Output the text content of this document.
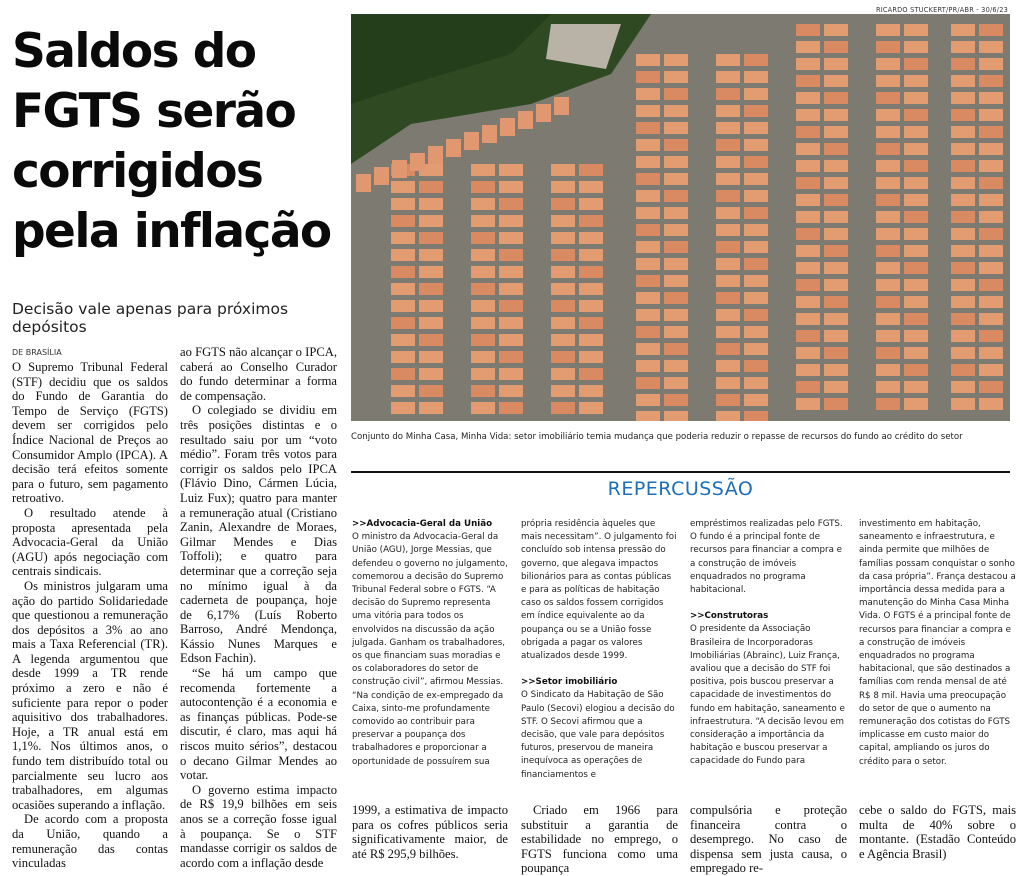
Saldos do FGTS serão corrigidos pela inflação

Decisão vale apenas para próximos depósitos

DE BRASÍLIA

O Supremo Tribunal Federal (STF) decidiu que os saldos do Fundo de Garantia do Tempo de Serviço (FGTS) devem ser corrigidos pelo Índice Nacional de Preços ao Consumidor Amplo (IPCA). A decisão terá efeitos somente para o futuro, sem pagamento retroativo.

O resultado atende à proposta apresentada pela Advocacia-Geral da União (AGU) após negociação com centrais sindicais.

Os ministros julgaram uma ação do partido Solidariedade que questionou a remuneração dos depósitos a 3% ao ano mais a Taxa Referencial (TR). A legenda argumentou que desde 1999 a TR rende próximo a zero e não é suficiente para repor o poder aquisitivo dos trabalhadores. Hoje, a TR anual está em 1,1%. Nos últimos anos, o fundo tem distribuído total ou parcialmente seu lucro aos trabalhadores, em algumas ocasiões superando a inflação.

De acordo com a proposta da União, quando a remuneração das contas vinculadas

ao FGTS não alcançar o IPCA, caberá ao Conselho Curador do fundo determinar a forma de compensação.

O colegiado se dividiu em três posições distintas e o resultado saiu por um “voto médio”. Foram três votos para corrigir os saldos pelo IPCA (Flávio Dino, Cármen Lúcia, Luiz Fux); quatro para manter a remuneração atual (Cristiano Zanin, Alexandre de Moraes, Gilmar Mendes e Dias Toffoli); e quatro para determinar que a correção seja no mínimo igual à da caderneta de poupança, hoje de 6,17% (Luís Roberto Barroso, André Mendonça, Kássio Nunes Marques e Edson Fachin).

“Se há um campo que recomenda fortemente a autocontenção é a economia e as finanças públicas. Pode-se discutir, é claro, mas aqui há riscos muito sérios”, destacou o decano Gilmar Mendes ao votar.

O governo estima impacto de R$ 19,9 bilhões em seis anos se a correção fosse igual à poupança. Se o STF mandasse corrigir os saldos de acordo com a inflação desde

RICARDO STUCKERT/PR/ABR - 30/6/23
Conjunto do Minha Casa, Minha Vida: setor imobiliário temia mudança que poderia reduzir o repasse de recursos do fundo ao crédito do setor
REPERCUSSÃO

>>Advocacia-Geral da União

O ministro da Advocacia-Geral da União (AGU), Jorge Messias, que defendeu o governo no julgamento, comemorou a decisão do Supremo Tribunal Federal sobre o FGTS. “A decisão do Supremo representa uma vitória para todos os envolvidos na discussão da ação julgada. Ganham os trabalhadores, os que financiam suas moradias e os colaboradores do setor de construção civil”, afirmou Messias. “Na condição de ex-empregado da Caixa, sinto-me profundamente comovido ao contribuir para preservar a poupança dos trabalhadores e proporcionar a oportunidade de possuírem sua

própria residência àqueles que mais necessitam”. O julgamento foi concluído sob intensa pressão do governo, que alegava impactos bilionários para as contas públicas e para as políticas de habitação caso os saldos fossem corrigidos em índice equivalente ao da poupança ou se a União fosse obrigada a pagar os valores atualizados desde 1999.

>>Setor imobiliário

O Sindicato da Habitação de São Paulo (Secovi) elogiou a decisão do STF. O Secovi afirmou que a decisão, que vale para depósitos futuros, preservou de maneira inequívoca as operações de financiamentos e

empréstimos realizadas pelo FGTS. O fundo é a principal fonte de recursos para financiar a compra e a construção de imóveis enquadrados no programa habitacional.

>>Construtoras

O presidente da Associação Brasileira de Incorporadoras Imobiliárias (Abrainc), Luiz França, avaliou que a decisão do STF foi positiva, pois buscou preservar a capacidade de investimentos do fundo em habitação, saneamento e infraestrutura. “A decisão levou em consideração a importância da habitação e buscou preservar a capacidade do Fundo para

investimento em habitação, saneamento e infraestrutura, e ainda permite que milhões de famílias possam conquistar o sonho da casa própria”. França destacou a importância dessa medida para a manutenção do Minha Casa Minha Vida. O FGTS é a principal fonte de recursos para financiar a compra e a construção de imóveis enquadrados no programa habitacional, que são destinados a famílias com renda mensal de até R$ 8 mil. Havia uma preocupação do setor de que o aumento na remuneração dos cotistas do FGTS implicasse em custo maior do capital, ampliando os juros do crédito para o setor.

1999, a estimativa de impacto para os cofres públicos seria significativamente maior, de até R$ 295,9 bilhões.

Criado em 1966 para substituir a garantia de estabilidade no emprego, o FGTS funciona como uma poupança

compulsória e proteção financeira contra o desemprego. No caso de dispensa sem justa causa, o empregado re-

cebe o saldo do FGTS, mais multa de 40% sobre o montante. (Estadão Conteúdo e Agência Brasil)
